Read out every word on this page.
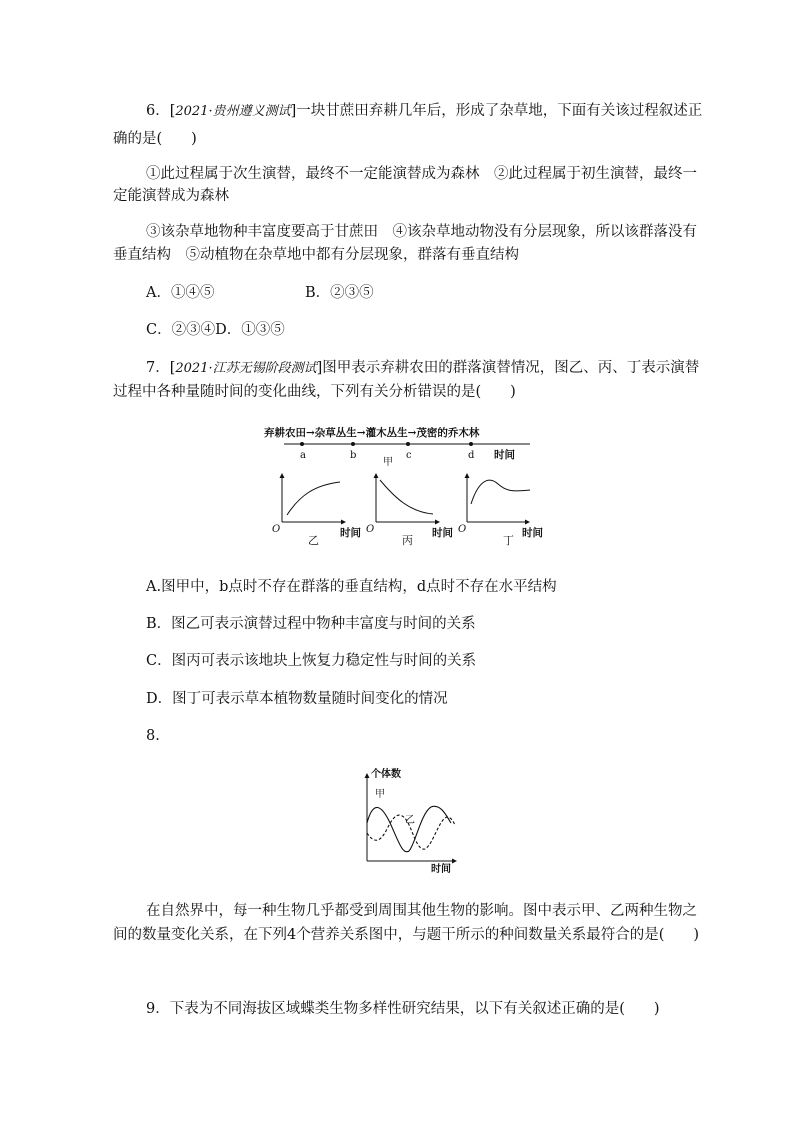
6．[2021·贵州遵义测试]一块甘蔗田弃耕几年后，形成了杂草地，下面有关该过程叙述正
确的是(　　)
①此过程属于次生演替，最终不一定能演替成为森林　②此过程属于初生演替，最终一
定能演替成为森林
③该杂草地物种丰富度要高于甘蔗田　④该杂草地动物没有分层现象，所以该群落没有
垂直结构　⑤动植物在杂草地中都有分层现象，群落有垂直结构
A．①④⑤	B．②③⑤
C．②③④D．①③⑤
7．[2021·江苏无锡阶段测试]图甲表示弃耕农田的群落演替情况，图乙、丙、丁表示演替
过程中各种量随时间的变化曲线，下列有关分析错误的是(　　)
弃耕农田→杂草丛生→灌木丛生→茂密的乔木林
a	b	c	d 时间
O	时间
乙
甲
O	时间
丙
O	时间
丁
A.图甲中，b点时不存在群落的垂直结构，d点时不存在水平结构
B．图乙可表示演替过程中物种丰富度与时间的关系
C．图丙可表示该地块上恢复力稳定性与时间的关系
D．图丁可表示草本植物数量随时间变化的情况
8.
个体数
时间
甲
乙
在自然界中，每一种生物几乎都受到周围其他生物的影响。图中表示甲、乙两种生物之
间的数量变化关系，在下列4个营养关系图中，与题干所示的种间数量关系最符合的是(　　)
9．下表为不同海拔区域蝶类生物多样性研究结果，以下有关叙述正确的是(　　)
